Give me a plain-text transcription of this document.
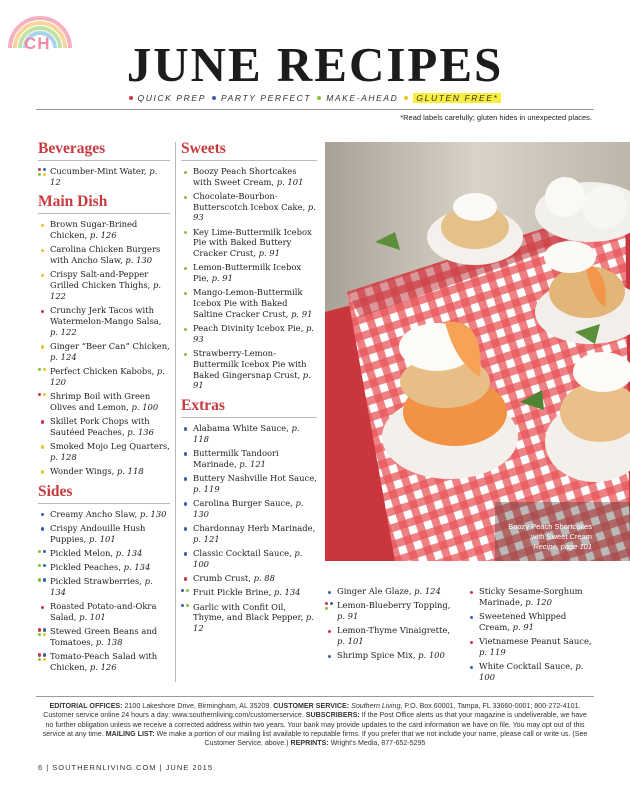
CH	JUNE RECIPES
QUICK PREP PARTY PERFECT MAKE-AHEAD GLUTEN FREE*
*Read labels carefully; gluten hides in unexpected places.
Beverages
Cucumber-Mint Water, p. 12
Main Dish
Brown Sugar-Brined Chicken, p. 126
Carolina Chicken Burgers with Ancho Slaw, p. 130
Crispy Salt-and-Pepper Grilled Chicken Thighs, p. 122
Crunchy Jerk Tacos with Watermelon-Mango Salsa, p. 122
Ginger “Beer Can” Chicken, p. 124
Perfect Chicken Kabobs, p. 120
Shrimp Boil with Green Olives and Lemon, p. 100
Skillet Pork Chops with Sautéed Peaches, p. 136
Smoked Mojo Leg Quarters, p. 128
Wonder Wings, p. 118
Sides
Creamy Ancho Slaw, p. 130
Crispy Andouille Hush Puppies, p. 101
Pickled Melon, p. 134
Pickled Peaches, p. 134
Pickled Strawberries, p. 134
Roasted Potato-and-Okra Salad, p. 101
Stewed Green Beans and Tomatoes, p. 138
Tomato-Peach Salad with Chicken, p. 126
Sweets
Boozy Peach Shortcakes with Sweet Cream, p. 101
Chocolate-Bourbon-Butterscotch Icebox Cake, p. 93
Key Lime-Buttermilk Icebox Pie with Baked Buttery Cracker Crust, p. 91
Lemon-Buttermilk Icebox Pie, p. 91
Mango-Lemon-Buttermilk Icebox Pie with Baked Saltine Cracker Crust, p. 91
Peach Divinity Icebox Pie, p. 93
Strawberry-Lemon-Buttermilk Icebox Pie with Baked Gingersnap Crust, p. 91
Extras
Alabama White Sauce, p. 118
Buttermilk Tandoori Marinade, p. 121
Buttery Nashville Hot Sauce, p. 119
Carolina Burger Sauce, p. 130
Chardonnay Herb Marinade, p. 121
Classic Cocktail Sauce, p. 100
Crumb Crust, p. 88
Fruit Pickle Brine, p. 134
Garlic with Confit Oil, Thyme, and Black Pepper, p. 12
Boozy Peach Shortcakes
with Sweet Cream
Recipe, page 101
Ginger Ale Glaze, p. 124
Lemon-Blueberry Topping, p. 91
Lemon-Thyme Vinaigrette, p. 101
Shrimp Spice Mix, p. 100
Sticky Sesame-Sorghum Marinade, p. 120
Sweetened Whipped Cream, p. 91
Vietnamese Peanut Sauce, p. 119
White Cocktail Sauce, p. 100
EDITORIAL OFFICES: 2100 Lakeshore Drive, Birmingham, AL 35209. CUSTOMER SERVICE: Southern Living, P.O. Box 60001, Tampa, FL 33660-0001; 800-272-4101. Customer service online 24 hours a day: www.southernliving.com/customerservice. SUBSCRIBERS: If the Post Office alerts us that your magazine is undeliverable, we have no further obligation unless we receive a corrected address within two years. Your bank may provide updates to the card information we have on file. You may opt out of this service at any time. MAILING LIST: We make a portion of our mailing list available to reputable firms. If you prefer that we not include your name, please call or write us. (See Customer Service, above.) REPRINTS: Wright’s Media, 877-652-5295
6 | SOUTHERNLIVING.COM | JUNE 2015
